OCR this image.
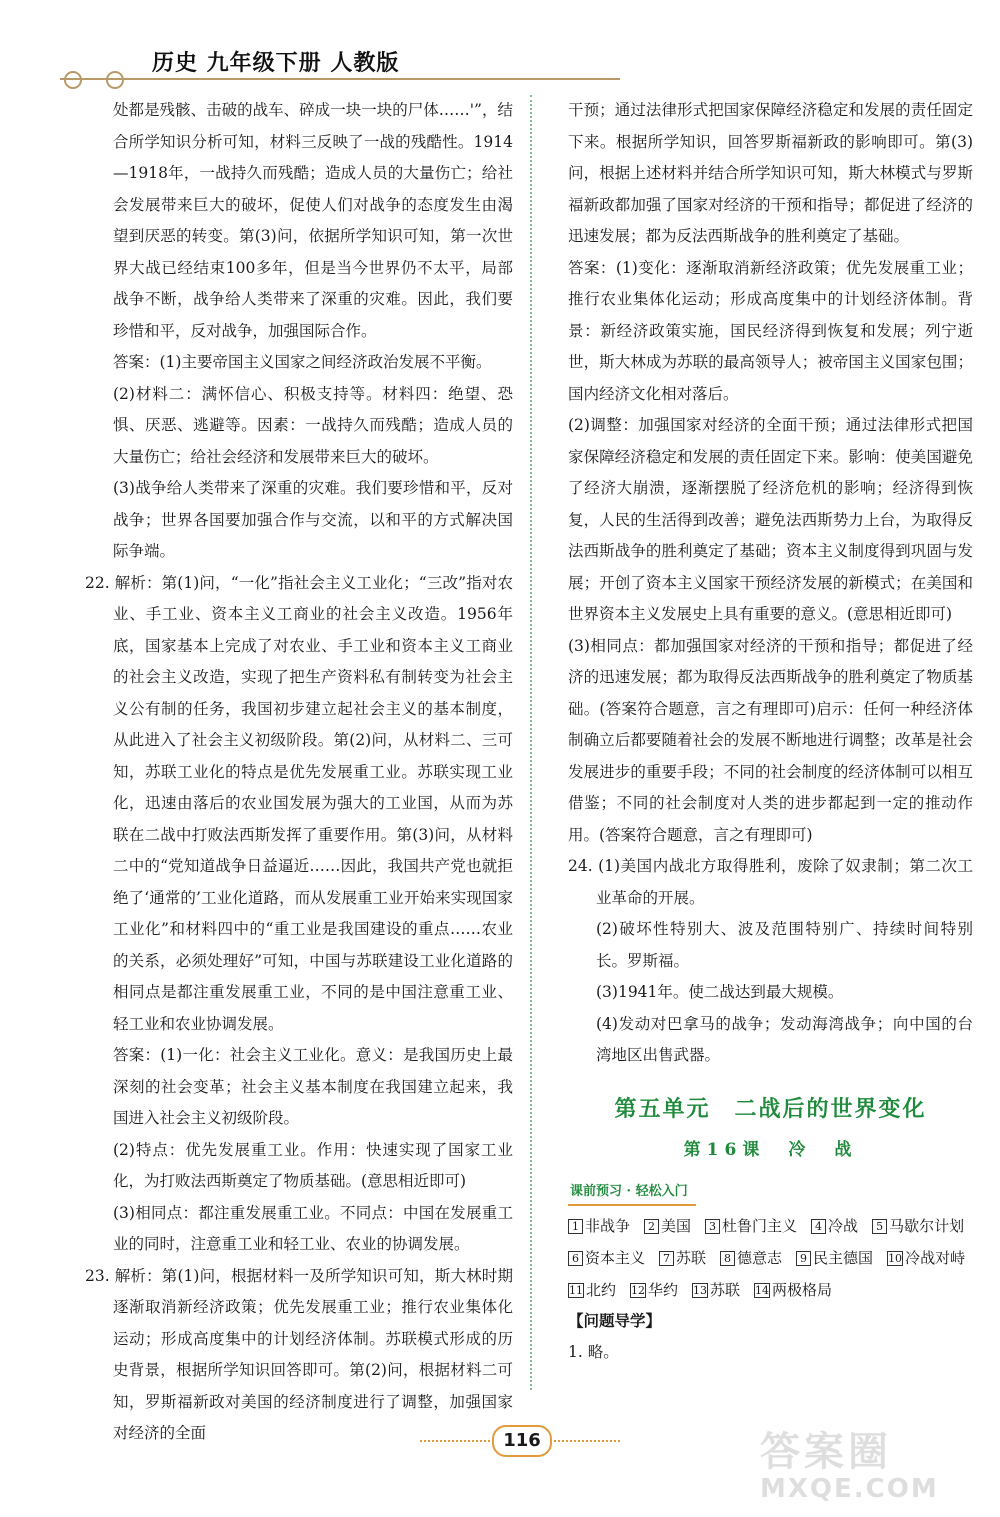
历史 九年级下册 人教版

处都是残骸、击破的战车、碎成一块一块的尸体……'”，结合所学知识分析可知，材料三反映了一战的残酷性。1914—1918年，一战持久而残酷；造成人员的大量伤亡；给社会发展带来巨大的破坏，促使人们对战争的态度发生由渴望到厌恶的转变。第(3)问，依据所学知识可知，第一次世界大战已经结束100多年，但是当今世界仍不太平，局部战争不断，战争给人类带来了深重的灾难。因此，我们要珍惜和平，反对战争，加强国际合作。

答案：(1)主要帝国主义国家之间经济政治发展不平衡。

(2)材料二：满怀信心、积极支持等。材料四：绝望、恐惧、厌恶、逃避等。因素：一战持久而残酷；造成人员的大量伤亡；给社会经济和发展带来巨大的破坏。

(3)战争给人类带来了深重的灾难。我们要珍惜和平，反对战争；世界各国要加强合作与交流，以和平的方式解决国际争端。

22. 解析：第(1)问，“一化”指社会主义工业化；“三改”指对农业、手工业、资本主义工商业的社会主义改造。1956年底，国家基本上完成了对农业、手工业和资本主义工商业的社会主义改造，实现了把生产资料私有制转变为社会主义公有制的任务，我国初步建立起社会主义的基本制度，从此进入了社会主义初级阶段。第(2)问，从材料二、三可知，苏联工业化的特点是优先发展重工业。苏联实现工业化，迅速由落后的农业国发展为强大的工业国，从而为苏联在二战中打败法西斯发挥了重要作用。第(3)问，从材料二中的“党知道战争日益逼近……因此，我国共产党也就拒绝了‘通常的’工业化道路，而从发展重工业开始来实现国家工业化”和材料四中的“重工业是我国建设的重点……农业的关系，必须处理好”可知，中国与苏联建设工业化道路的相同点是都注重发展重工业，不同的是中国注意重工业、轻工业和农业协调发展。

答案：(1)一化：社会主义工业化。意义：是我国历史上最深刻的社会变革；社会主义基本制度在我国建立起来，我国进入社会主义初级阶段。

(2)特点：优先发展重工业。作用：快速实现了国家工业化，为打败法西斯奠定了物质基础。(意思相近即可)

(3)相同点：都注重发展重工业。不同点：中国在发展重工业的同时，注意重工业和轻工业、农业的协调发展。

23. 解析：第(1)问，根据材料一及所学知识可知，斯大林时期逐渐取消新经济政策；优先发展重工业；推行农业集体化运动；形成高度集中的计划经济体制。苏联模式形成的历史背景，根据所学知识回答即可。第(2)问，根据材料二可知，罗斯福新政对美国的经济制度进行了调整，加强国家对经济的全面

干预；通过法律形式把国家保障经济稳定和发展的责任固定下来。根据所学知识，回答罗斯福新政的影响即可。第(3)问，根据上述材料并结合所学知识可知，斯大林模式与罗斯福新政都加强了国家对经济的干预和指导；都促进了经济的迅速发展；都为反法西斯战争的胜利奠定了基础。

答案：(1)变化：逐渐取消新经济政策；优先发展重工业；推行农业集体化运动；形成高度集中的计划经济体制。背景：新经济政策实施，国民经济得到恢复和发展；列宁逝世，斯大林成为苏联的最高领导人；被帝国主义国家包围；国内经济文化相对落后。

(2)调整：加强国家对经济的全面干预；通过法律形式把国家保障经济稳定和发展的责任固定下来。影响：使美国避免了经济大崩溃，逐渐摆脱了经济危机的影响；经济得到恢复，人民的生活得到改善；避免法西斯势力上台，为取得反法西斯战争的胜利奠定了基础；资本主义制度得到巩固与发展；开创了资本主义国家干预经济发展的新模式；在美国和世界资本主义发展史上具有重要的意义。(意思相近即可)

(3)相同点：都加强国家对经济的干预和指导；都促进了经济的迅速发展；都为取得反法西斯战争的胜利奠定了物质基础。(答案符合题意，言之有理即可)启示：任何一种经济体制确立后都要随着社会的发展不断地进行调整；改革是社会发展进步的重要手段；不同的社会制度的经济体制可以相互借鉴；不同的社会制度对人类的进步都起到一定的推动作用。(答案符合题意，言之有理即可)

24. (1)美国内战北方取得胜利，废除了奴隶制；第二次工业革命的开展。

(2)破坏性特别大、波及范围特别广、持续时间特别长。罗斯福。

(3)1941年。使二战达到最大规模。

(4)发动对巴拿马的战争；发动海湾战争；向中国的台湾地区出售武器。

第五单元　二战后的世界变化
第16课　冷　战
课前预习 · 轻松入门
1 非战争	2 美国	3 杜鲁门主义	4 冷战	5 马歇尔计划
6 资本主义	7 苏联	8 德意志	9 民主德国 10 冷战对峙
11 北约 12 华约 13 苏联 14 两极格局

【问题导学】

1. 略。

116	答案圈
MXQE.COM
